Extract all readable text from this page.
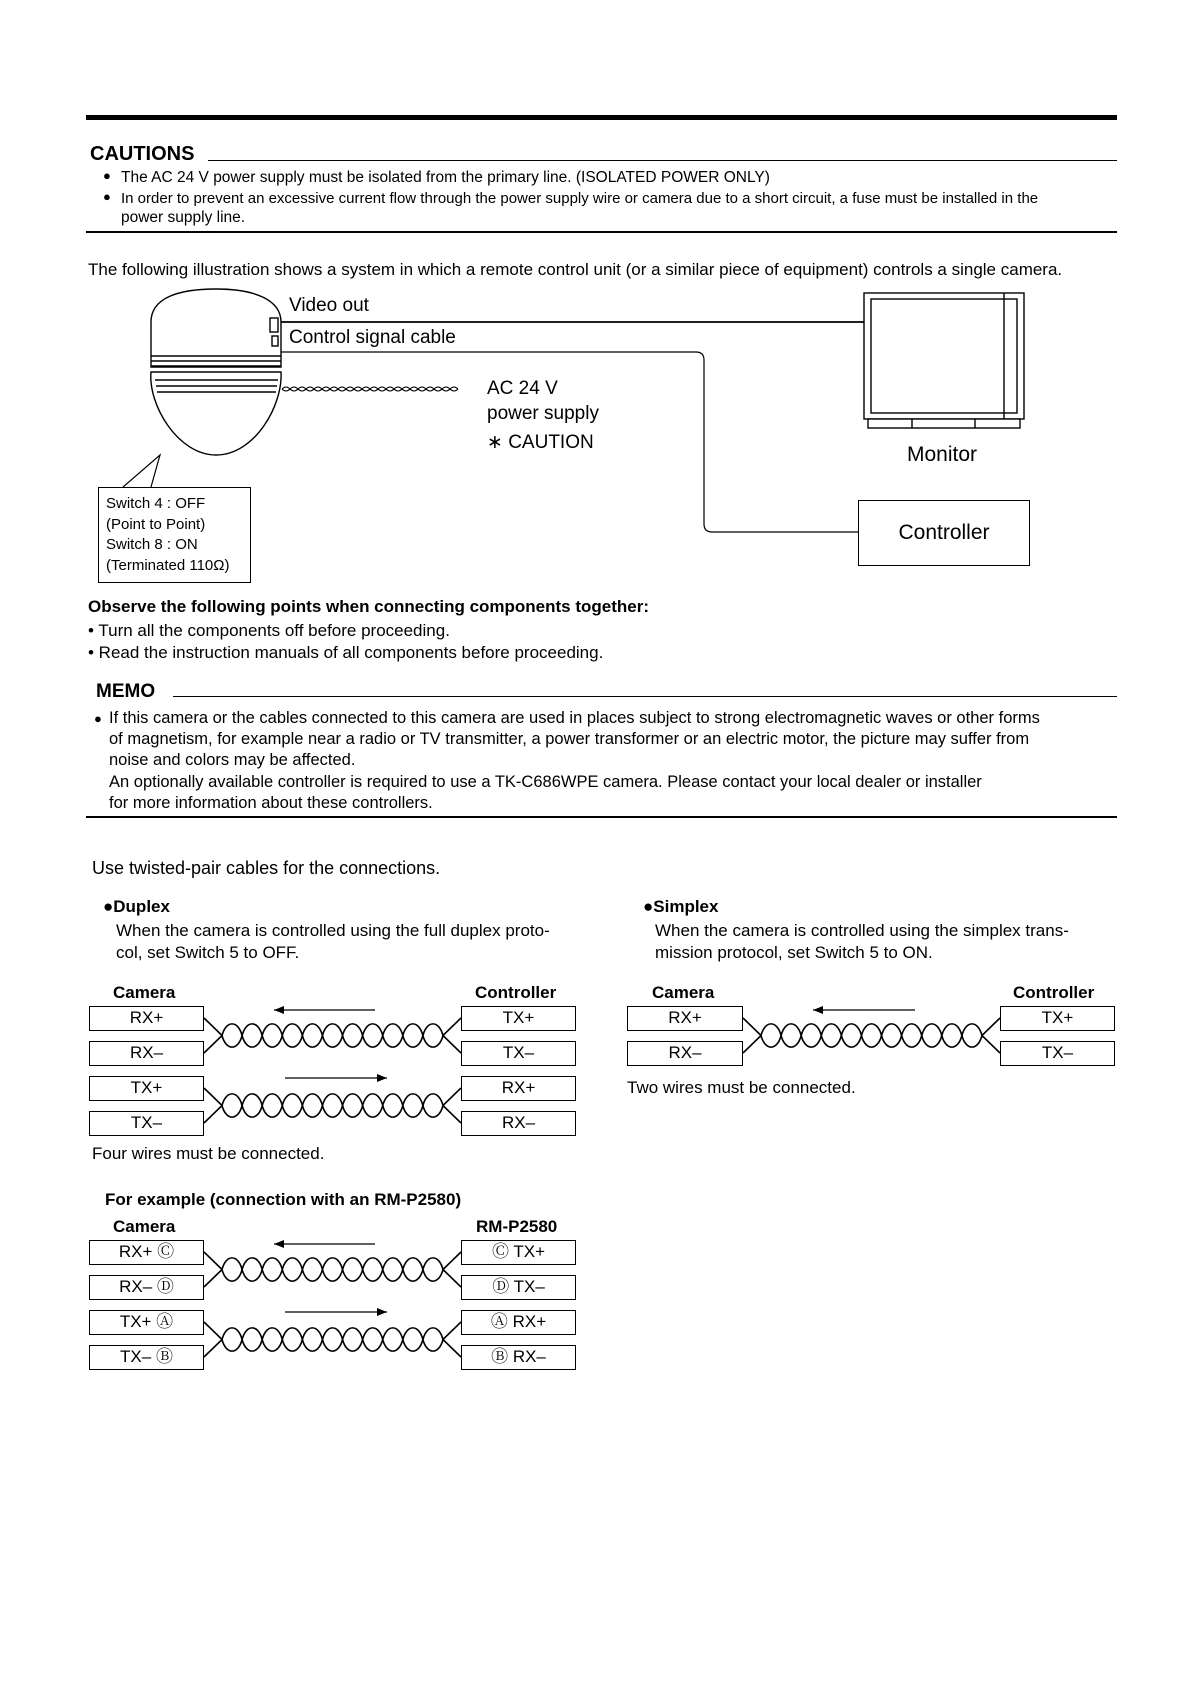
CAUTIONS
● The AC 24 V power supply must be isolated from the primary line. (ISOLATED POWER ONLY)
● In order to prevent an excessive current flow through the power supply wire or camera due to a short circuit, a fuse must be installed in the
power supply line.
The following illustration shows a system in which a remote control unit (or a similar piece of equipment) controls a single camera.
Video out
Control signal cable
AC 24 V
power supply
∗ CAUTION
Monitor
Controller
Switch 4 : OFF
(Point to Point)
Switch 8 : ON
(Terminated 110Ω)
Observe the following points when connecting components together:
• Turn all the components off before proceeding.
• Read the instruction manuals of all components before proceeding.
MEMO
● If this camera or the cables connected to this camera are used in places subject to strong electromagnetic waves or other forms
of magnetism, for example near a radio or TV transmitter, a power transformer or an electric motor, the picture may suffer from
noise and colors may be affected.
An optionally available controller is required to use a TK-C686WPE camera. Please contact your local dealer or installer
for more information about these controllers.
Use twisted-pair cables for the connections.
●Duplex
When the camera is controlled using the full duplex proto-
col, set Switch 5 to OFF.
Camera	Controller
RX+
RX–
TX+
TX–
TX+
TX–
RX+
RX–
Four wires must be connected.
●Simplex
When the camera is controlled using the simplex trans-
mission protocol, set Switch 5 to ON.
Camera	Controller
RX+
RX–
TX+
TX–
Two wires must be connected.
For example (connection with an RM-P2580)
Camera	RM-P2580
RX+ Ⓒ
RX– Ⓓ
TX+ Ⓐ
TX– Ⓑ
Ⓒ TX+
Ⓓ TX–
Ⓐ RX+
Ⓑ RX–
